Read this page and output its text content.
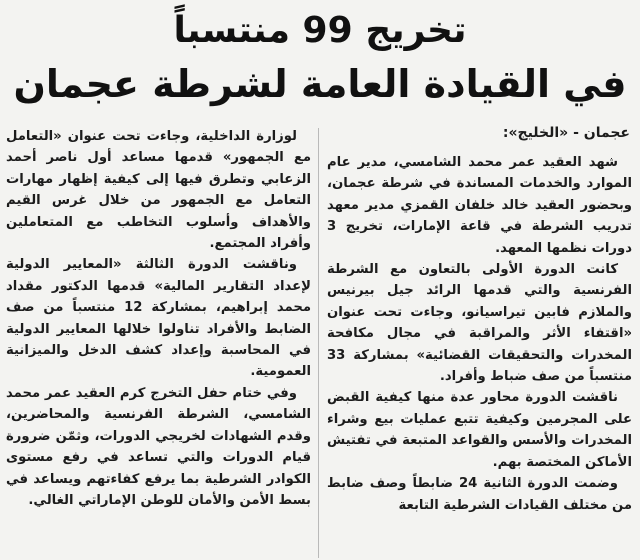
تخريج 99 منتسباً
في القيادة العامة لشرطة عجمان
عجمان - «الخليج»:

شهد العقيد عمر محمد الشامسي، مدير عام الموارد والخدمات المساندة في شرطة عجمان، وبحضور العقيد خالد خلفان القمزي مدير معهد تدريب الشرطة في قاعة الإمارات، تخريج 3 دورات نظمها المعهد.

كانت الدورة الأولى بالتعاون مع الشرطة الفرنسية والتي قدمها الرائد جيل بيرنيس والملازم فابين تيراسيانو، وجاءت تحت عنوان «اقتفاء الأثر والمراقبة في مجال مكافحة المخدرات والتحقيقات القضائية» بمشاركة 33 منتسباً من صف ضباط وأفراد.

ناقشت الدورة محاور عدة منها كيفية القبض على المجرمين وكيفية تتبع عمليات بيع وشراء المخدرات والأسس والقواعد المتبعة في تفتيش الأماكن المختصة بهم.

وضمت الدورة الثانية 24 ضابطاً وصف ضابط من مختلف القيادات الشرطية التابعة

لوزارة الداخلية، وجاءت تحت عنوان «التعامل مع الجمهور» قدمها مساعد أول ناصر أحمد الزعابي وتطرق فيها إلى كيفية إظهار مهارات التعامل مع الجمهور من خلال غرس القيم والأهداف وأسلوب التخاطب مع المتعاملين وأفراد المجتمع.

وناقشت الدورة الثالثة «المعايير الدولية لإعداد التقارير المالية» قدمها الدكتور مقداد محمد إبراهيم، بمشاركة 12 منتسباً من صف الضابط والأفراد تناولوا خلالها المعايير الدولية في المحاسبة وإعداد كشف الدخل والميزانية العمومية.

وفي ختام حفل التخرج كرم العقيد عمر محمد الشامسي، الشرطة الفرنسية والمحاضرين، وقدم الشهادات لخريجي الدورات، وثمّن ضرورة قيام الدورات والتي تساعد في رفع مستوى الكوادر الشرطية بما يرفع كفاءتهم ويساعد في بسط الأمن والأمان للوطن الإماراتي الغالي.
